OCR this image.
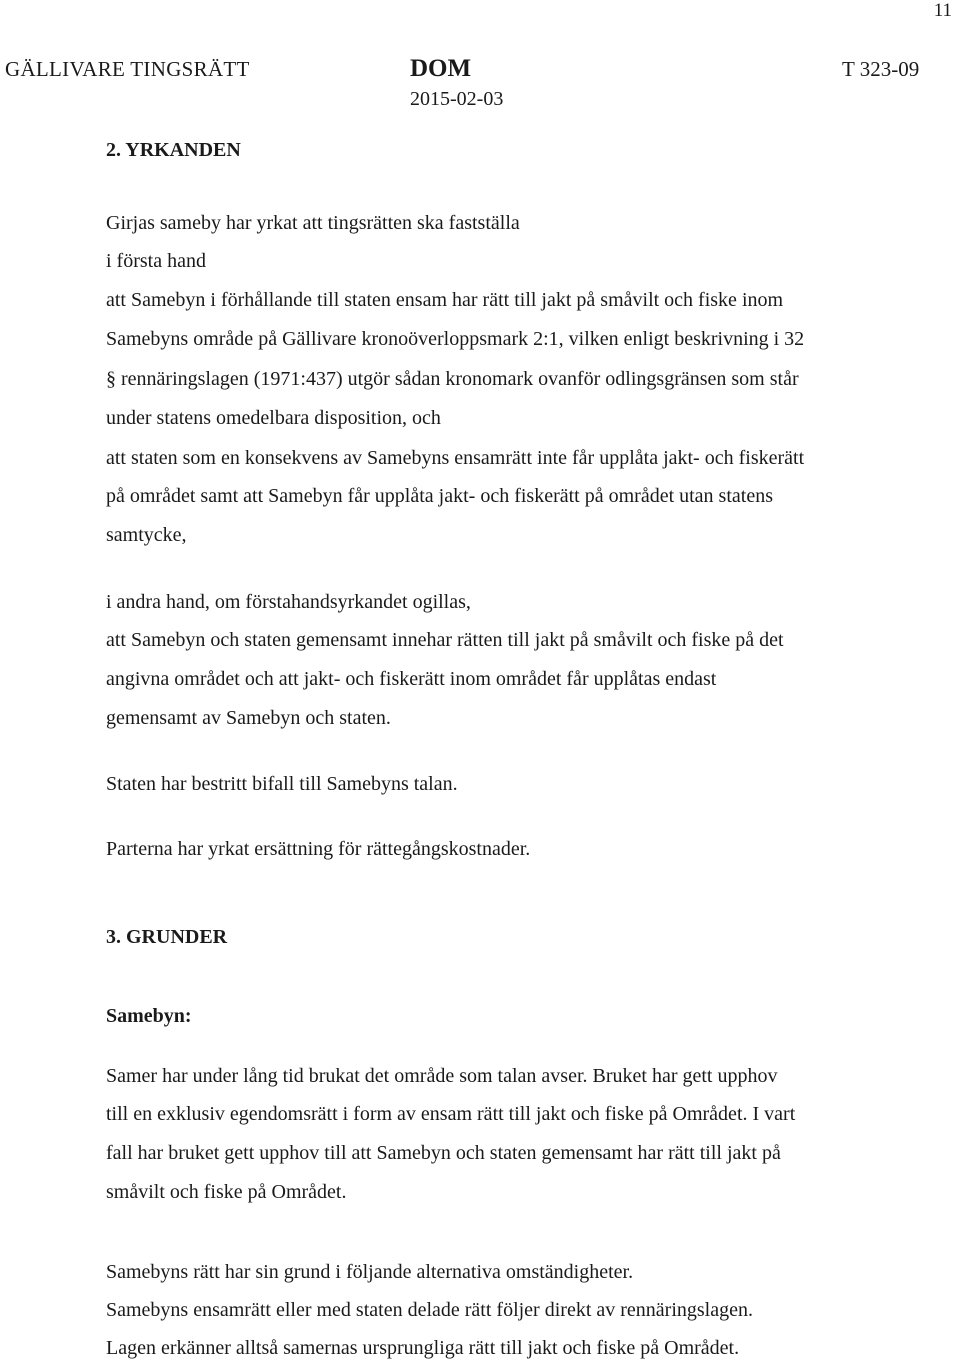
11
GÄLLIVARE TINGSRÄTT	DOM
2015-02-03
T 323-09
2. YRKANDEN
Girjas sameby har yrkat att tingsrätten ska fastställa
i första hand
att Samebyn i förhållande till staten ensam har rätt till jakt på småvilt och fiske inom
Samebyns område på Gällivare kronoöverloppsmark 2:1, vilken enligt beskrivning i 32
§ rennäringslagen (1971:437) utgör sådan kronomark ovanför odlingsgränsen som står
under statens omedelbara disposition, och
att staten som en konsekvens av Samebyns ensamrätt inte får upplåta jakt- och fiskerätt
på området samt att Samebyn får upplåta jakt- och fiskerätt på området utan statens
samtycke,
i andra hand, om förstahandsyrkandet ogillas,
att Samebyn och staten gemensamt innehar rätten till jakt på småvilt och fiske på det
angivna området och att jakt- och fiskerätt inom området får upplåtas endast
gemensamt av Samebyn och staten.
Staten har bestritt bifall till Samebyns talan.
Parterna har yrkat ersättning för rättegångskostnader.
3. GRUNDER
Samebyn:
Samer har under lång tid brukat det område som talan avser. Bruket har gett upphov
till en exklusiv egendomsrätt i form av ensam rätt till jakt och fiske på Området. I vart
fall har bruket gett upphov till att Samebyn och staten gemensamt har rätt till jakt på
småvilt och fiske på Området.
Samebyns rätt har sin grund i följande alternativa omständigheter.
Samebyns ensamrätt eller med staten delade rätt följer direkt av rennäringslagen.
Lagen erkänner alltså samernas ursprungliga rätt till jakt och fiske på Området.
